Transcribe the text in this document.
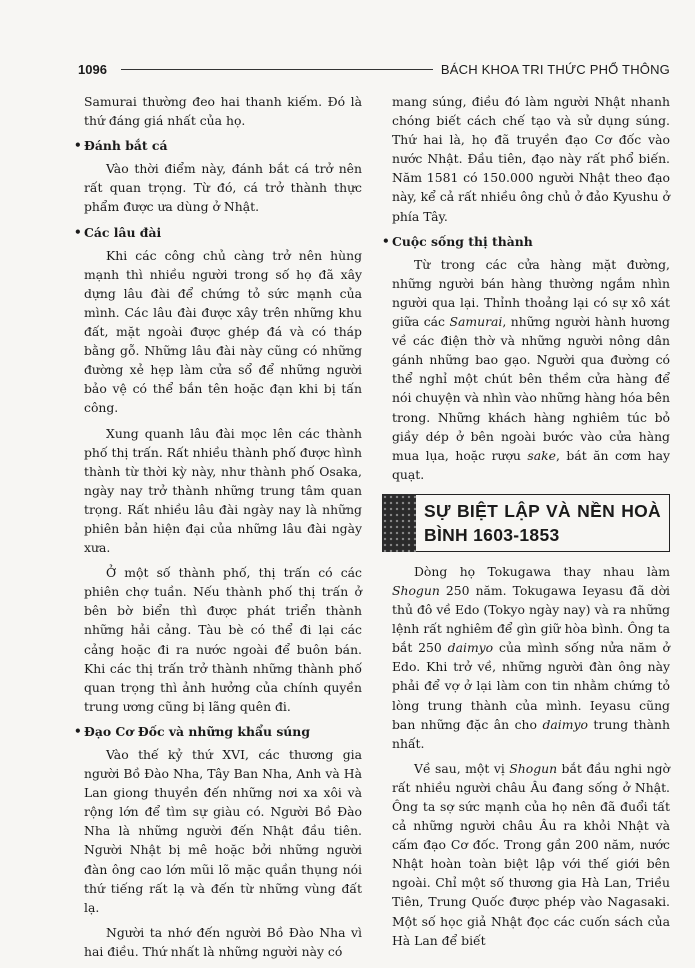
1096	BÁCH KHOA TRI THỨC PHỔ THÔNG

Samurai thường đeo hai thanh kiếm. Đó là thứ đáng giá nhất của họ.

• Đánh bắt cá

Vào thời điểm này, đánh bắt cá trở nên rất quan trọng. Từ đó, cá trở thành thực phẩm được ưa dùng ở Nhật.

• Các lâu đài

Khi các công chủ càng trở nên hùng mạnh thì nhiều người trong số họ đã xây dựng lâu đài để chứng tỏ sức mạnh của mình. Các lâu đài được xây trên những khu đất, mặt ngoài được ghép đá và có tháp bằng gỗ. Những lâu đài này cũng có những đường xẻ hẹp làm cửa sổ để những người bảo vệ có thể bắn tên hoặc đạn khi bị tấn công.

Xung quanh lâu đài mọc lên các thành phố thị trấn. Rất nhiều thành phố được hình thành từ thời kỳ này, như thành phố Osaka, ngày nay trở thành những trung tâm quan trọng. Rất nhiều lâu đài ngày nay là những phiên bản hiện đại của những lâu đài ngày xưa.

Ở một số thành phố, thị trấn có các phiên chợ tuần. Nếu thành phố thị trấn ở bên bờ biển thì được phát triển thành những hải cảng. Tàu bè có thể đi lại các cảng hoặc đi ra nước ngoài để buôn bán. Khi các thị trấn trở thành những thành phố quan trọng thì ảnh hưởng của chính quyền trung ương cũng bị lãng quên đi.

• Đạo Cơ Đốc và những khẩu súng

Vào thế kỷ thứ XVI, các thương gia người Bồ Đào Nha, Tây Ban Nha, Anh và Hà Lan giong thuyền đến những nơi xa xôi và rộng lớn để tìm sự giàu có. Người Bồ Đào Nha là những người đến Nhật đầu tiên. Người Nhật bị mê hoặc bởi những người đàn ông cao lớn mũi lõ mặc quần thụng nói thứ tiếng rất lạ và đến từ những vùng đất lạ.

Người ta nhớ đến người Bồ Đào Nha vì hai điều. Thứ nhất là những người này có

mang súng, điều đó làm người Nhật nhanh chóng biết cách chế tạo và sử dụng súng. Thứ hai là, họ đã truyền đạo Cơ đốc vào nước Nhật. Đầu tiên, đạo này rất phổ biến. Năm 1581 có 150.000 người Nhật theo đạo này, kể cả rất nhiều ông chủ ở đảo Kyushu ở phía Tây.

• Cuộc sống thị thành

Từ trong các cửa hàng mặt đường, những người bán hàng thường ngắm nhìn người qua lại. Thỉnh thoảng lại có sự xô xát giữa các Samurai, những người hành hương về các điện thờ và những người nông dân gánh những bao gạo. Người qua đường có thể nghỉ một chút bên thềm cửa hàng để nói chuyện và nhìn vào những hàng hóa bên trong. Những khách hàng nghiêm túc bỏ giầy dép ở bên ngoài bước vào cửa hàng mua lụa, hoặc rượu sake, bát ăn cơm hay quạt.

SỰ BIỆT LẬP VÀ NỀN HOÀ BÌNH 1603-1853

Dòng họ Tokugawa thay nhau làm Shogun 250 năm. Tokugawa Ieyasu đã dời thủ đô về Edo (Tokyo ngày nay) và ra những lệnh rất nghiêm để gìn giữ hòa bình. Ông ta bắt 250 daimyo của mình sống nửa năm ở Edo. Khi trở về, những người đàn ông này phải để vợ ở lại làm con tin nhằm chứng tỏ lòng trung thành của mình. Ieyasu cũng ban những đặc ân cho daimyo trung thành nhất.

Về sau, một vị Shogun bắt đầu nghi ngờ rất nhiều người châu Âu đang sống ở Nhật. Ông ta sợ sức mạnh của họ nên đã đuổi tất cả những người châu Âu ra khỏi Nhật và cấm đạo Cơ đốc. Trong gần 200 năm, nước Nhật hoàn toàn biệt lập với thế giới bên ngoài. Chỉ một số thương gia Hà Lan, Triều Tiên, Trung Quốc được phép vào Nagasaki. Một số học giả Nhật đọc các cuốn sách của Hà Lan để biết
